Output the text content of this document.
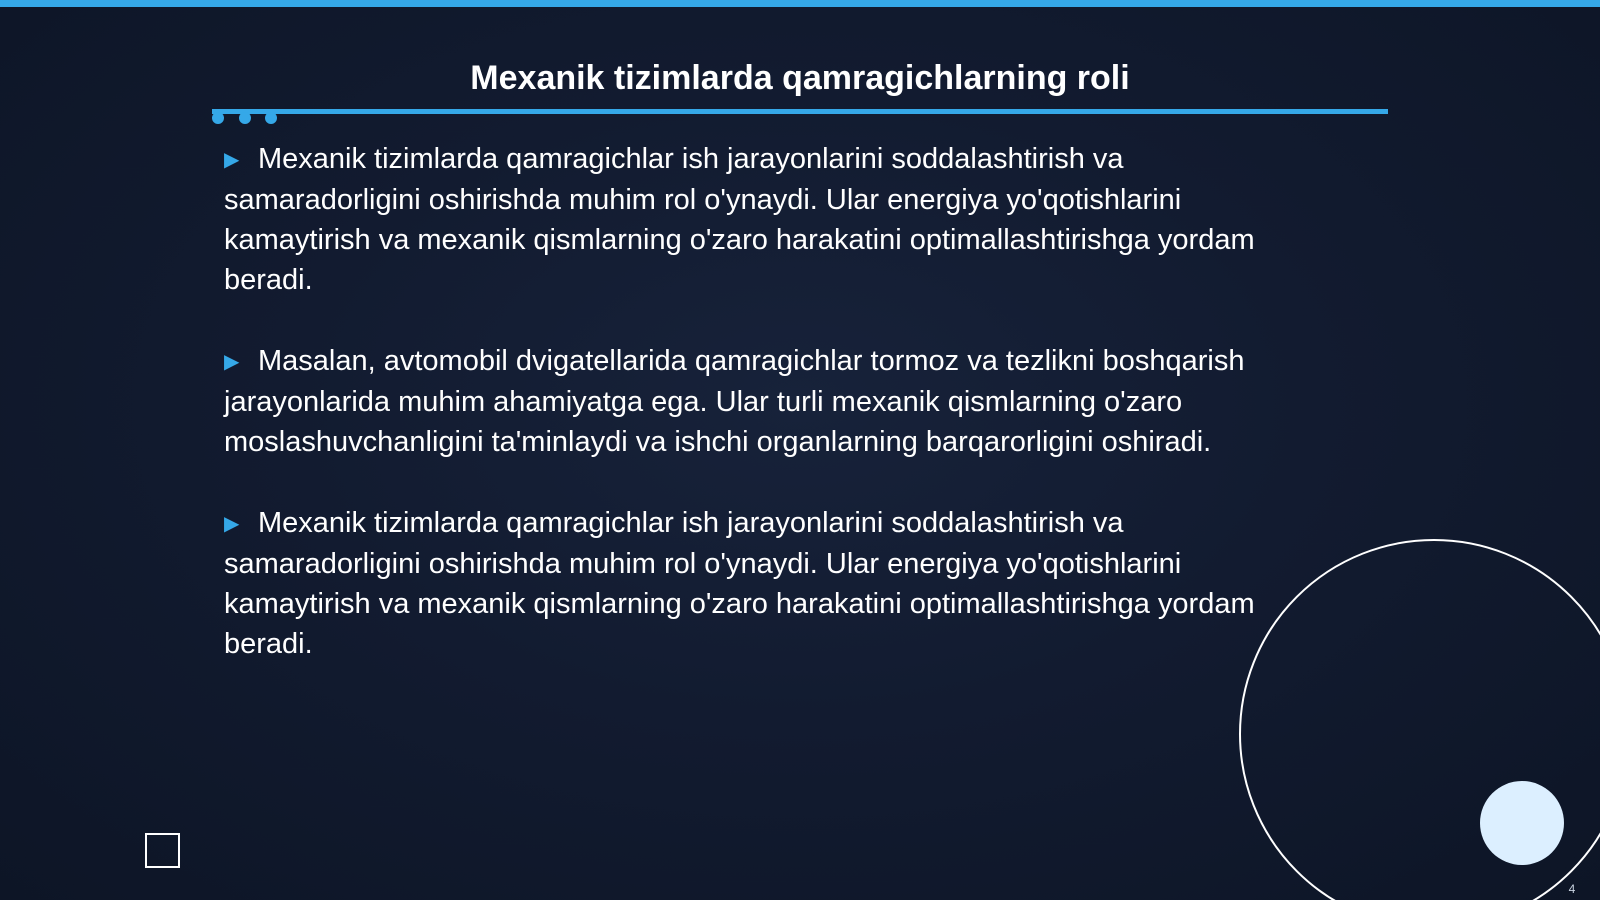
Mexanik tizimlarda qamragichlarning roli
▶ Mexanik tizimlarda qamragichlar ish jarayonlarini soddalashtirish va samaradorligini oshirishda muhim rol o'ynaydi. Ular energiya yo'qotishlarini kamaytirish va mexanik qismlarning o'zaro harakatini optimallashtirishga yordam beradi.
▶ Masalan, avtomobil dvigatellarida qamragichlar tormoz va tezlikni boshqarish jarayonlarida muhim ahamiyatga ega. Ular turli mexanik qismlarning o'zaro moslashuvchanligini ta'minlaydi va ishchi organlarning barqarorligini oshiradi.
▶ Mexanik tizimlarda qamragichlar ish jarayonlarini soddalashtirish va samaradorligini oshirishda muhim rol o'ynaydi. Ular energiya yo'qotishlarini kamaytirish va mexanik qismlarning o'zaro harakatini optimallashtirishga yordam beradi.
4
